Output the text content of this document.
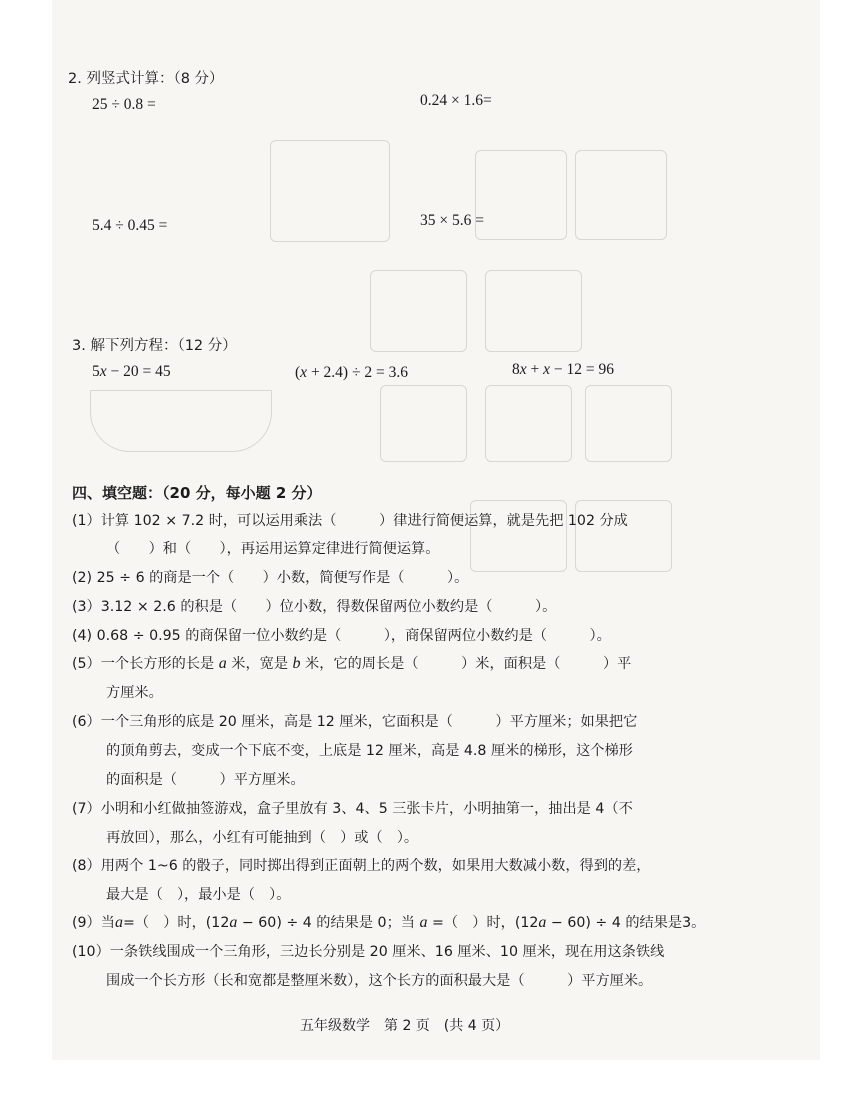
2. 列竖式计算：（8 分）
25 ÷ 0.8 =	0.24 × 1.6=
5.4 ÷ 0.45 =	35 × 5.6 =
3. 解下列方程：（12 分）
5x − 20 = 45	(x + 2.4) ÷ 2 = 3.6	8x + x − 12 = 96
四、填空题：（20 分，每小题 2 分）
(1）计算 102 × 7.2 时，可以运用乘法（　　　）律进行简便运算，就是先把 102 分成
（　　）和（　　），再运用运算定律进行简便运算。
(2) 25 ÷ 6 的商是一个（　　）小数，简便写作是（　　　）。
(3）3.12 × 2.6 的积是（　　）位小数，得数保留两位小数约是（　　　）。
(4) 0.68 ÷ 0.95 的商保留一位小数约是（　　　），商保留两位小数约是（　　　）。
(5）一个长方形的长是 a 米，宽是 b 米，它的周长是（　　　）米，面积是（　　　）平
方厘米。
(6）一个三角形的底是 20 厘米，高是 12 厘米，它面积是（　　　）平方厘米；如果把它
的顶角剪去，变成一个下底不变，上底是 12 厘米，高是 4.8 厘米的梯形，这个梯形
的面积是（　　　）平方厘米。
(7）小明和小红做抽签游戏，盒子里放有 3、4、5 三张卡片，小明抽第一，抽出是 4（不
再放回），那么，小红有可能抽到（　）或（　）。
(8）用两个 1~6 的骰子，同时掷出得到正面朝上的两个数，如果用大数减小数，得到的差，
最大是（　），最小是（　）。
(9）当a=（　）时，(12a − 60) ÷ 4 的结果是 0；当 a =（　）时，(12a − 60) ÷ 4 的结果是3。
(10）一条铁线围成一个三角形，三边长分别是 20 厘米、16 厘米、10 厘米，现在用这条铁线
围成一个长方形（长和宽都是整厘米数），这个长方的面积最大是（　　　）平方厘米。
五年级数学　第 2 页　(共 4 页）
